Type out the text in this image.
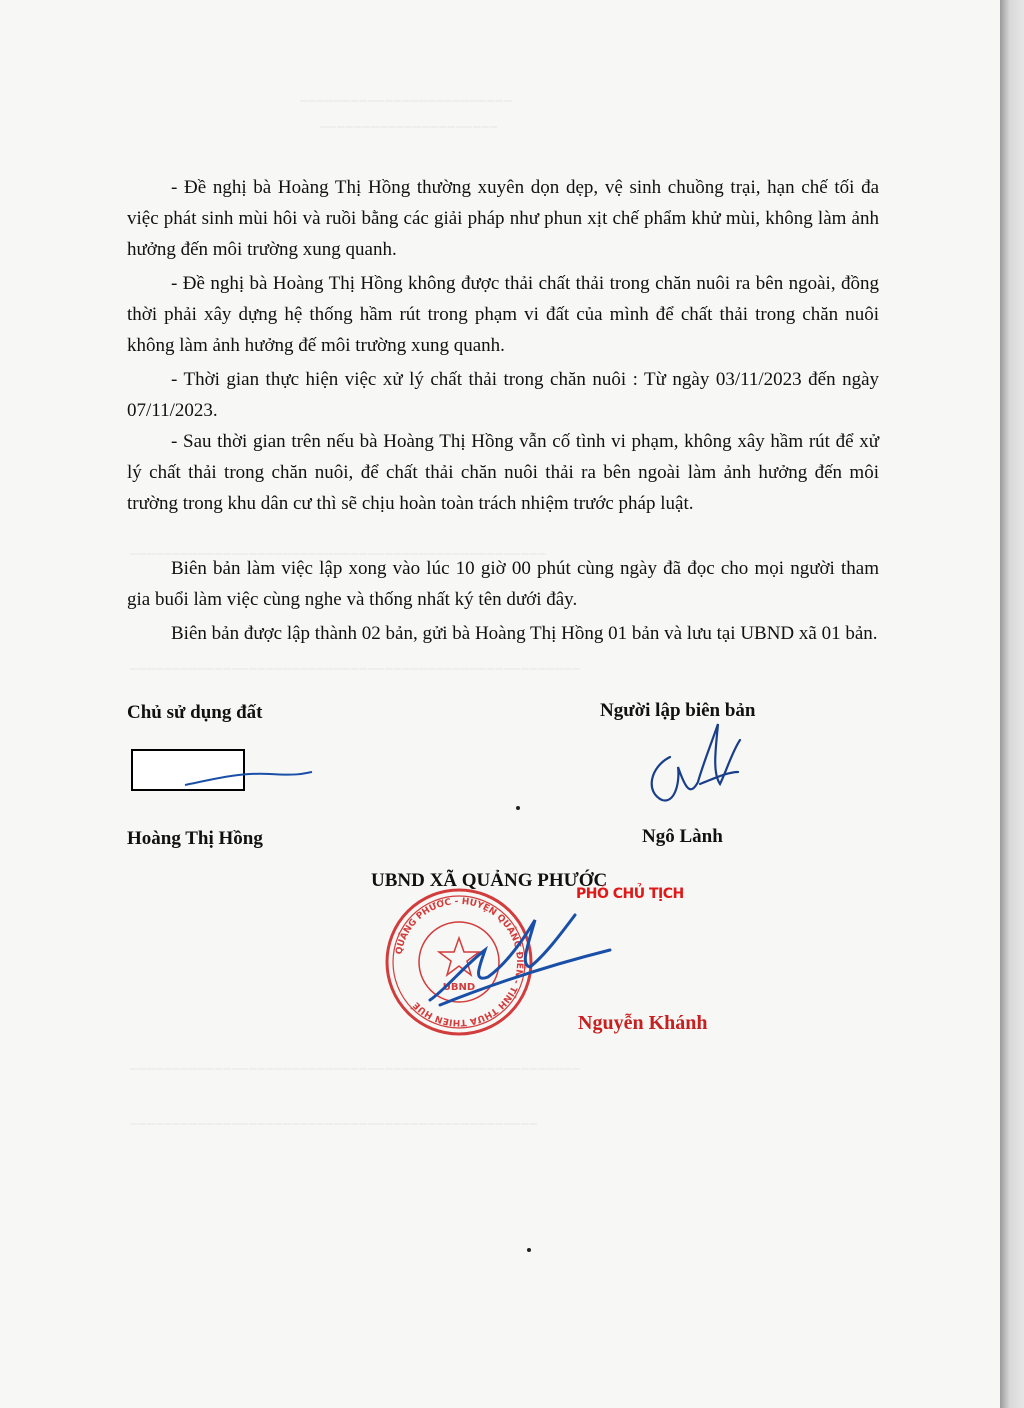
⎯⎯⎯⎯⎯⎯⎯⎯⎯⎯⎯⎯⎯⎯⎯⎯⎯⎯⎯⎯⎯⎯⎯⎯⎯
⎯⎯⎯⎯⎯⎯⎯⎯⎯⎯⎯⎯⎯⎯⎯⎯⎯⎯⎯⎯⎯
⎯⎯⎯⎯⎯⎯⎯⎯⎯⎯⎯⎯⎯⎯⎯⎯⎯⎯⎯⎯⎯⎯⎯⎯⎯⎯⎯⎯⎯⎯⎯⎯⎯⎯⎯⎯⎯⎯⎯⎯⎯⎯⎯⎯⎯⎯⎯⎯⎯
⎯⎯⎯⎯⎯⎯⎯⎯⎯⎯⎯⎯⎯⎯⎯⎯⎯⎯⎯⎯⎯⎯⎯⎯⎯⎯⎯⎯⎯⎯⎯⎯⎯⎯⎯⎯⎯⎯⎯⎯⎯⎯⎯⎯⎯⎯⎯⎯⎯⎯⎯⎯⎯
⎯⎯⎯⎯⎯⎯⎯⎯⎯⎯⎯⎯⎯⎯⎯⎯⎯⎯⎯⎯⎯⎯⎯⎯⎯⎯⎯⎯⎯⎯⎯⎯⎯⎯⎯⎯⎯⎯⎯⎯⎯⎯⎯⎯⎯⎯⎯⎯⎯⎯⎯⎯⎯
⎯⎯⎯⎯⎯⎯⎯⎯⎯⎯⎯⎯⎯⎯⎯⎯⎯⎯⎯⎯⎯⎯⎯⎯⎯⎯⎯⎯⎯⎯⎯⎯⎯⎯⎯⎯⎯⎯⎯⎯⎯⎯⎯⎯⎯⎯⎯⎯

- Đề nghị bà Hoàng Thị Hồng thường xuyên dọn dẹp, vệ sinh chuồng trại, hạn chế tối đa việc phát sinh mùi hôi và ruồi bằng các giải pháp như phun xịt chế phẩm khử mùi, không làm ảnh hưởng đến môi trường xung quanh.

- Đề nghị bà Hoàng Thị Hồng không được thải chất thải trong chăn nuôi ra bên ngoài, đồng thời phải xây dựng hệ thống hầm rút trong phạm vi đất của mình để chất thải trong chăn nuôi không làm ảnh hưởng đế môi trường xung quanh.

- Thời gian thực hiện việc xử lý chất thải trong chăn nuôi : Từ ngày 03/11/2023 đến ngày 07/11/2023.

- Sau thời gian trên nếu bà Hoàng Thị Hồng vẫn cố tình vi phạm, không xây hầm rút để xử lý chất thải trong chăn nuôi, để chất thải chăn nuôi thải ra bên ngoài làm ảnh hưởng đến môi trường trong khu dân cư thì sẽ chịu hoàn toàn trách nhiệm trước pháp luật.

Biên bản làm việc lập xong vào lúc 10 giờ 00 phút cùng ngày đã đọc cho mọi người tham gia buổi làm việc cùng nghe và thống nhất ký tên dưới đây.

Biên bản được lập thành 02 bản, gửi bà Hoàng Thị Hồng 01 bản và lưu tại UBND xã 01 bản.

Chủ sử dụng đất
Hoàng Thị Hồng
Người lập biên bản
Ngô Lành
UBND XÃ QUẢNG PHƯỚC
PHÓ CHỦ TỊCH
QUẢNG PHƯỚC - HUYỆN QUẢNG ĐIỀN - TỈNH THỪA THIÊN HUẾ
UBND
Nguyễn Khánh
